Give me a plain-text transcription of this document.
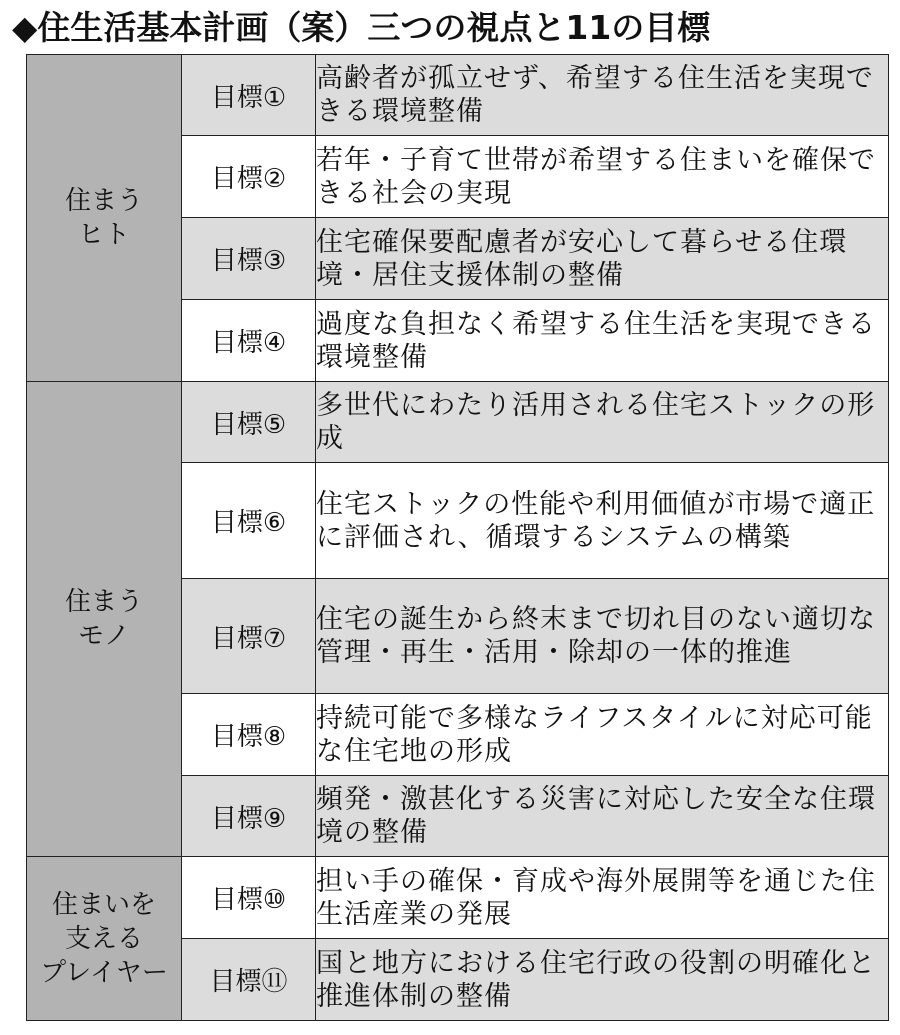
◆住生活基本計画（案）三つの視点と11の目標
住まう
ヒト	目標①	高齢者が孤立せず、希望する住生活を実現できる環境整備
	目標②	若年・子育て世帯が希望する住まいを確保できる社会の実現
	目標③	住宅確保要配慮者が安心して暮らせる住環境・居住支援体制の整備
	目標④	過度な負担なく希望する住生活を実現できる環境整備
住まう
モノ	目標⑤	多世代にわたり活用される住宅ストックの形成
	目標⑥	住宅ストックの性能や利用価値が市場で適正に評価され、循環するシステムの構築
	目標⑦	住宅の誕生から終末まで切れ目のない適切な管理・再生・活用・除却の一体的推進
	目標⑧	持続可能で多様なライフスタイルに対応可能な住宅地の形成
	目標⑨	頻発・激甚化する災害に対応した安全な住環境の整備
住まいを
支える
プレイヤー	目標⑩	担い手の確保・育成や海外展開等を通じた住生活産業の発展
	目標⑪	国と地方における住宅行政の役割の明確化と推進体制の整備
